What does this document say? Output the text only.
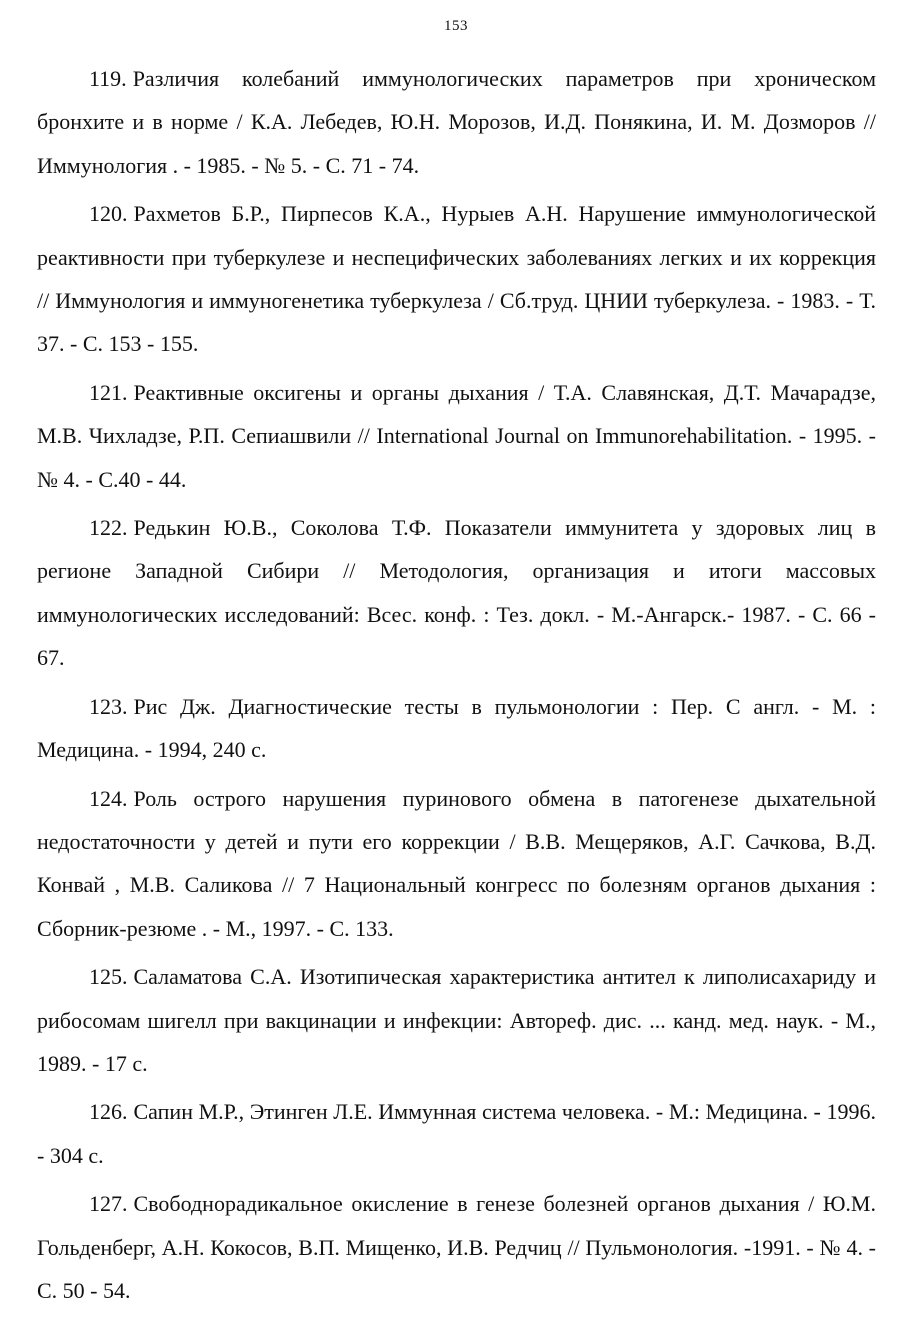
153

119. Различия колебаний иммунологических параметров при хроническом бронхите и в норме / К.А. Лебедев, Ю.Н. Морозов, И.Д. Понякина, И. М. Дозморов // Иммунология . - 1985. - № 5. - С. 71 - 74.

120. Рахметов Б.Р., Пирпесов К.А., Нурыев А.Н. Нарушение иммунологической реактивности при туберкулезе и неспецифических заболеваниях легких и их коррекция // Иммунология и иммуногенетика туберкулеза / Сб.труд. ЦНИИ туберкулеза. - 1983. - Т. 37. - С. 153 - 155.

121. Реактивные оксигены и органы дыхания / Т.А. Славянская, Д.Т. Мачарадзе, М.В. Чихладзе, Р.П. Сепиашвили // International Journal on Immunorehabilitation. - 1995. - № 4. - С.40 - 44.

122. Редькин Ю.В., Соколова Т.Ф. Показатели иммунитета у здоровых лиц в регионе Западной Сибири // Методология, организация и итоги массовых иммунологических исследований: Всес. конф. : Тез. докл. - М.-Ангарск.- 1987. - С. 66 - 67.

123. Рис Дж. Диагностические тесты в пульмонологии : Пер. С англ. - М. : Медицина. - 1994, 240 с.

124. Роль острого нарушения пуринового обмена в патогенезе дыхательной недостаточности у детей и пути его коррекции / В.В. Мещеряков, А.Г. Сачкова, В.Д. Конвай , М.В. Саликова // 7 Национальный конгресс по болезням органов дыхания : Сборник-резюме . - М., 1997. - С. 133.

125. Саламатова С.А. Изотипическая характеристика антител к липолисахариду и рибосомам шигелл при вакцинации и инфекции: Автореф. дис. ... канд. мед. наук. - М., 1989. - 17 с.

126. Сапин М.Р., Этинген Л.Е. Иммунная система человека. - М.: Медицина. - 1996. - 304 с.

127. Свободнорадикальное окисление в генезе болезней органов дыхания / Ю.М. Гольденберг, А.Н. Кокосов, В.П. Мищенко, И.В. Редчиц // Пульмонология. -1991. - № 4. - С. 50 - 54.
